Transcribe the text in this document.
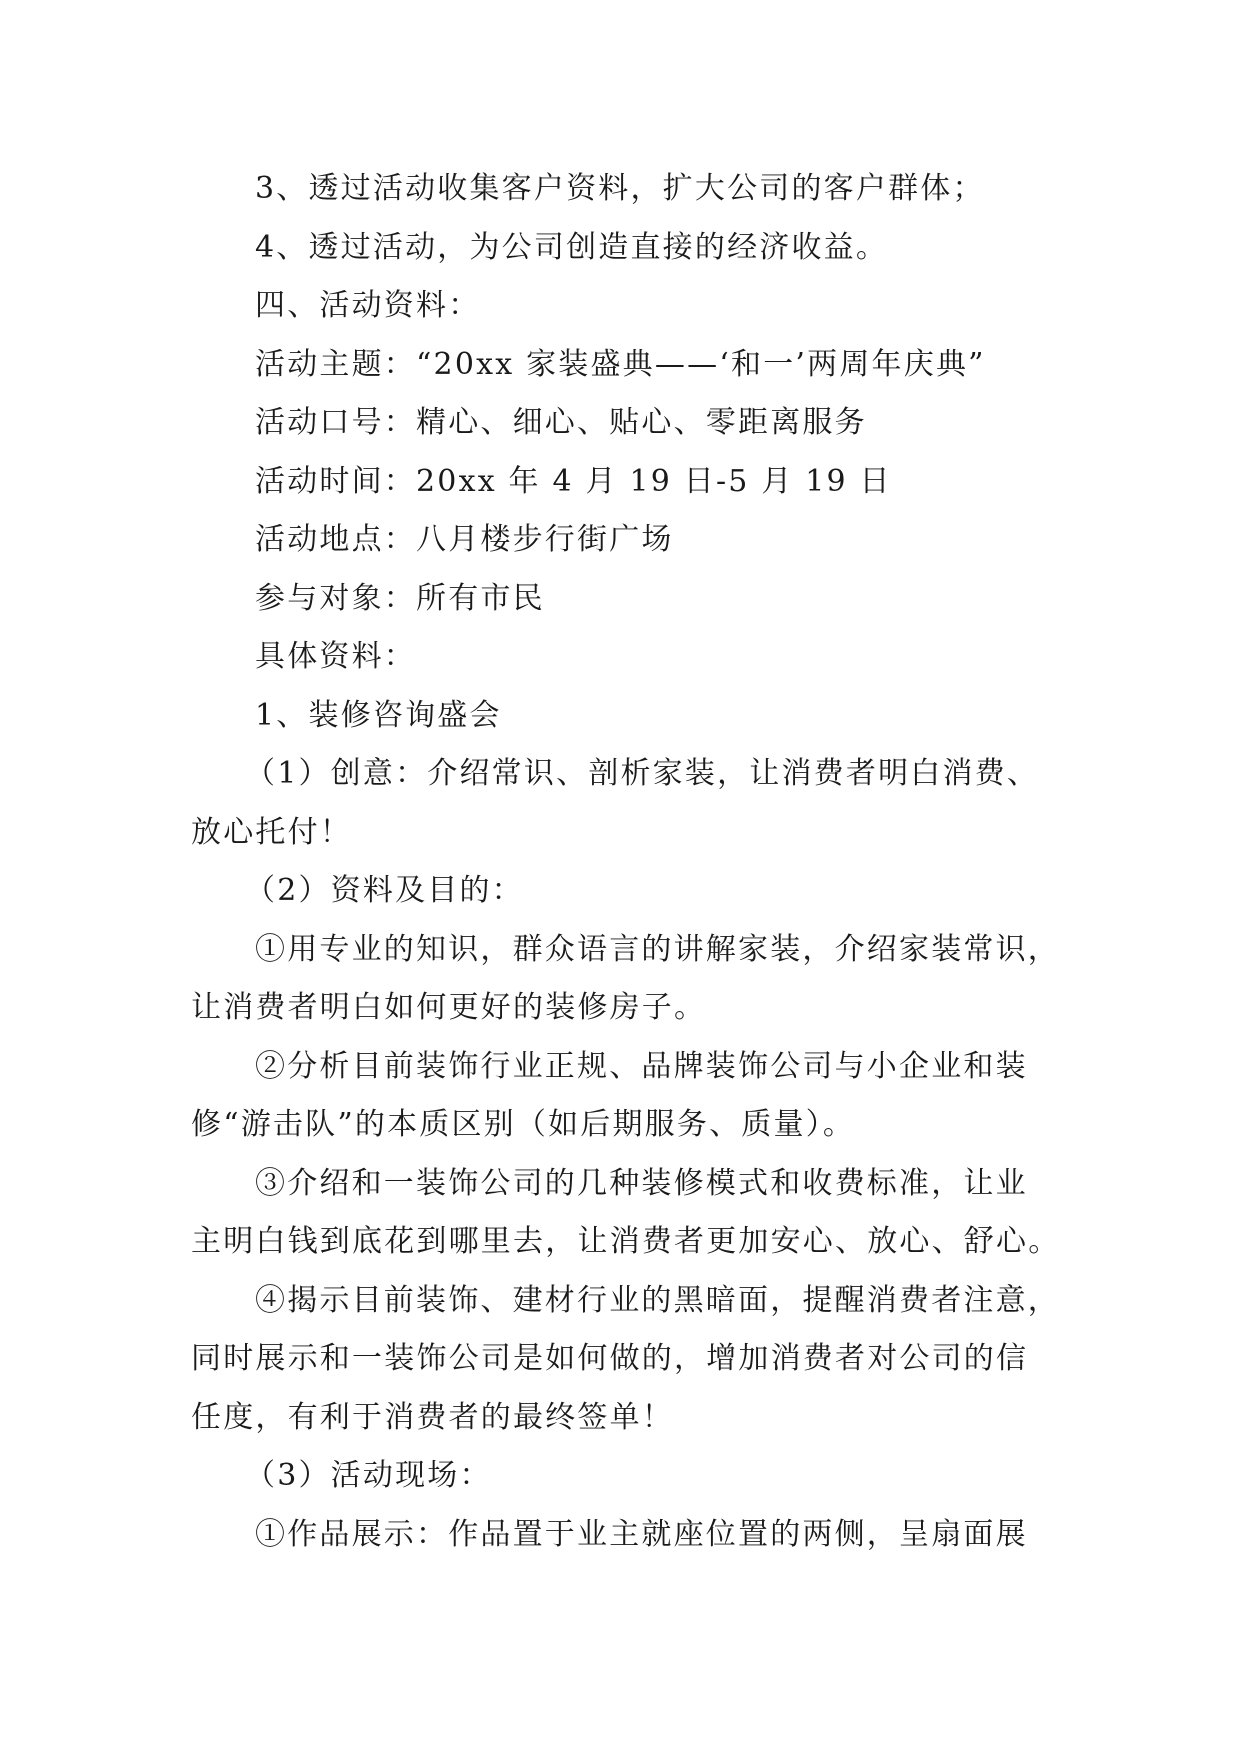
3、透过活动收集客户资料，扩大公司的客户群体；
4、透过活动，为公司创造直接的经济收益。
四、活动资料：
活动主题：“20xx 家装盛典——‘和一’两周年庆典”
活动口号：精心、细心、贴心、零距离服务
活动时间：20xx 年 4 月 19 日-5 月 19 日
活动地点：八月楼步行街广场
参与对象：所有市民
具体资料：
1、装修咨询盛会
（1）创意：介绍常识、剖析家装，让消费者明白消费、
放心托付！
（2）资料及目的：
①用专业的知识，群众语言的讲解家装，介绍家装常识，
让消费者明白如何更好的装修房子。
②分析目前装饰行业正规、品牌装饰公司与小企业和装
修“游击队”的本质区别（如后期服务、质量）。
③介绍和一装饰公司的几种装修模式和收费标准，让业
主明白钱到底花到哪里去，让消费者更加安心、放心、舒心。
④揭示目前装饰、建材行业的黑暗面，提醒消费者注意，
同时展示和一装饰公司是如何做的，增加消费者对公司的信
任度，有利于消费者的最终签单！
（3）活动现场：
①作品展示：作品置于业主就座位置的两侧，呈扇面展
